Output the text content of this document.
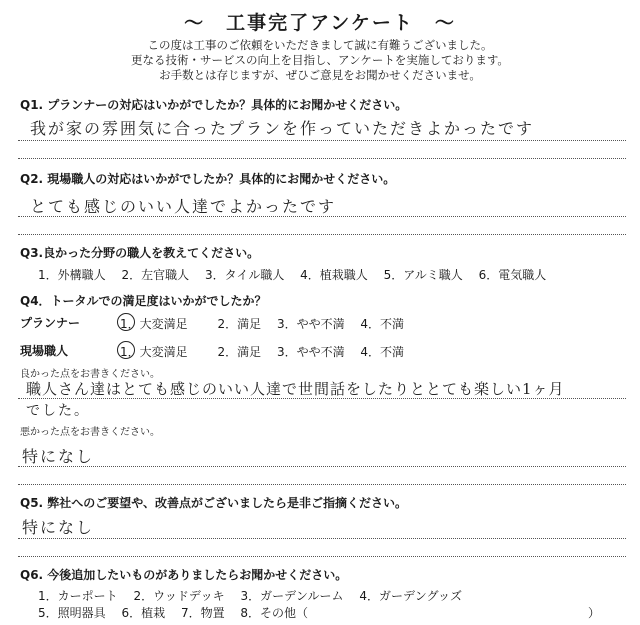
～　工事完了アンケート　～
この度は工事のご依頼をいただきまして誠に有難うございました。
更なる技術・サービスの向上を目指し、アンケートを実施しております。
お手数とは存じますが、ぜひご意見をお聞かせくださいませ。
Q1. プランナーの対応はいかがでしたか？具体的にお聞かせください。
我が家の雰囲気に合ったプランを作っていただきよかったです
Q2. 現場職人の対応はいかがでしたか？具体的にお聞かせください。
とても感じのいい人達でよかったです
Q3.良かった分野の職人を教えてください。
1．外構職人 2．左官職人 3．タイル職人 4．植栽職人 5．アルミ職人 6．電気職人
Q4．トータルでの満足度はいかがでしたか？
プランナー	1．大変満足 2．満足 3．やや不満 4．不満
現場職人	1．大変満足 2．満足 3．やや不満 4．不満
良かった点をお書きください。
職人さん達はとても感じのいい人達で世間話をしたりととても楽しい1ヶ月
でした。
悪かった点をお書きください。
特になし
Q5. 弊社へのご要望や、改善点がございましたら是非ご指摘ください。
特になし
Q6. 今後追加したいものがありましたらお聞かせください。
1．カーポート 2．ウッドデッキ 3．ガーデンルーム 4．ガーデングッズ
5．照明器具 6．植栽 7．物置 8．その他（	）
